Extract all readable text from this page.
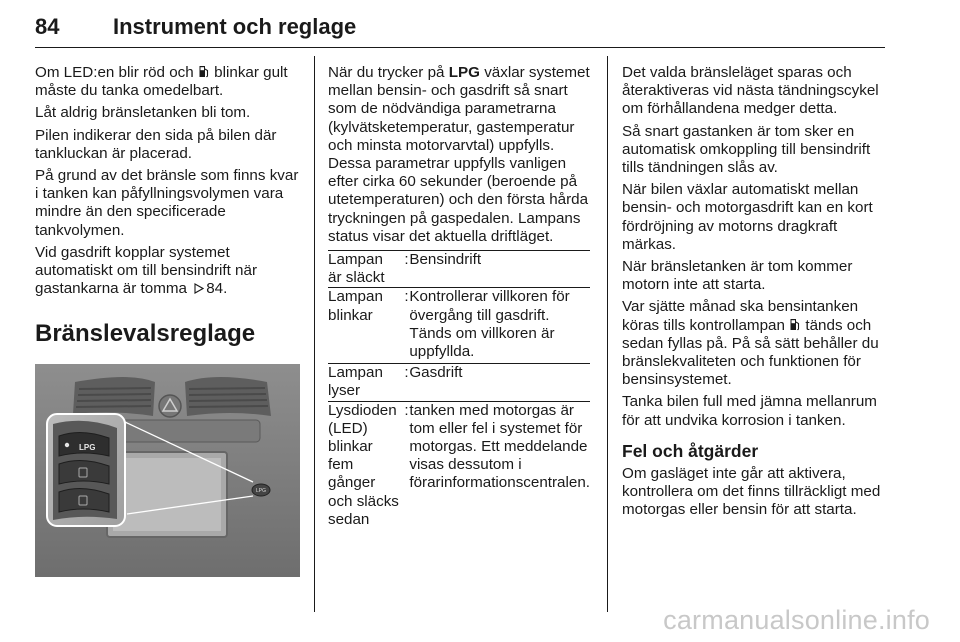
84 Instrument och reglage

Om LED:en blir röd och blinkar gult måste du tanka omedelbart.

Låt aldrig bränsletanken bli tom.

Pilen indikerar den sida på bilen där tankluckan är placerad.

På grund av det bränsle som finns kvar i tanken kan påfyllningsvolymen vara mindre än den specificerade tankvolymen.

Vid gasdrift kopplar systemet automatiskt om till bensindrift när gastankarna är tomma 84.

Bränslevalsreglage
LPG
LPG

När du trycker på LPG växlar systemet mellan bensin- och gasdrift så snart som de nödvändiga parametrarna (kylvätsketemperatur, gastemperatur och minsta motorvarvtal) uppfylls. Dessa parametrar uppfylls vanligen efter cirka 60 sekunder (beroende på utetemperaturen) och den första hårda tryckningen på gaspedalen. Lampans status visar det aktuella driftläget.

Lampan är släckt	:	Bensindrift
Lampan blinkar	:	Kontrollerar villkoren för övergång till gasdrift. Tänds om villkoren är uppfyllda.
Lampan lyser	:	Gasdrift
Lysdioden (LED) blinkar fem gånger och släcks sedan	:	tanken med motorgas är tom eller fel i systemet för motorgas. Ett meddelande visas dessutom i förarinformationscentralen.

Det valda bränsleläget sparas och återaktiveras vid nästa tändningscykel om förhållandena medger detta.

Så snart gastanken är tom sker en automatisk omkoppling till bensindrift tills tändningen slås av.

När bilen växlar automatiskt mellan bensin- och motorgasdrift kan en kort fördröjning av motorns dragkraft märkas.

När bränsletanken är tom kommer motorn inte att starta.

Var sjätte månad ska bensintanken köras tills kontrollampan tänds och sedan fyllas på. På så sätt behåller du bränslekvaliteten och funktionen för bensinsystemet.

Tanka bilen full med jämna mellanrum för att undvika korrosion i tanken.

Fel och åtgärder

Om gasläget inte går att aktivera, kontrollera om det finns tillräckligt med motorgas eller bensin för att starta.

carmanualsonline.info
